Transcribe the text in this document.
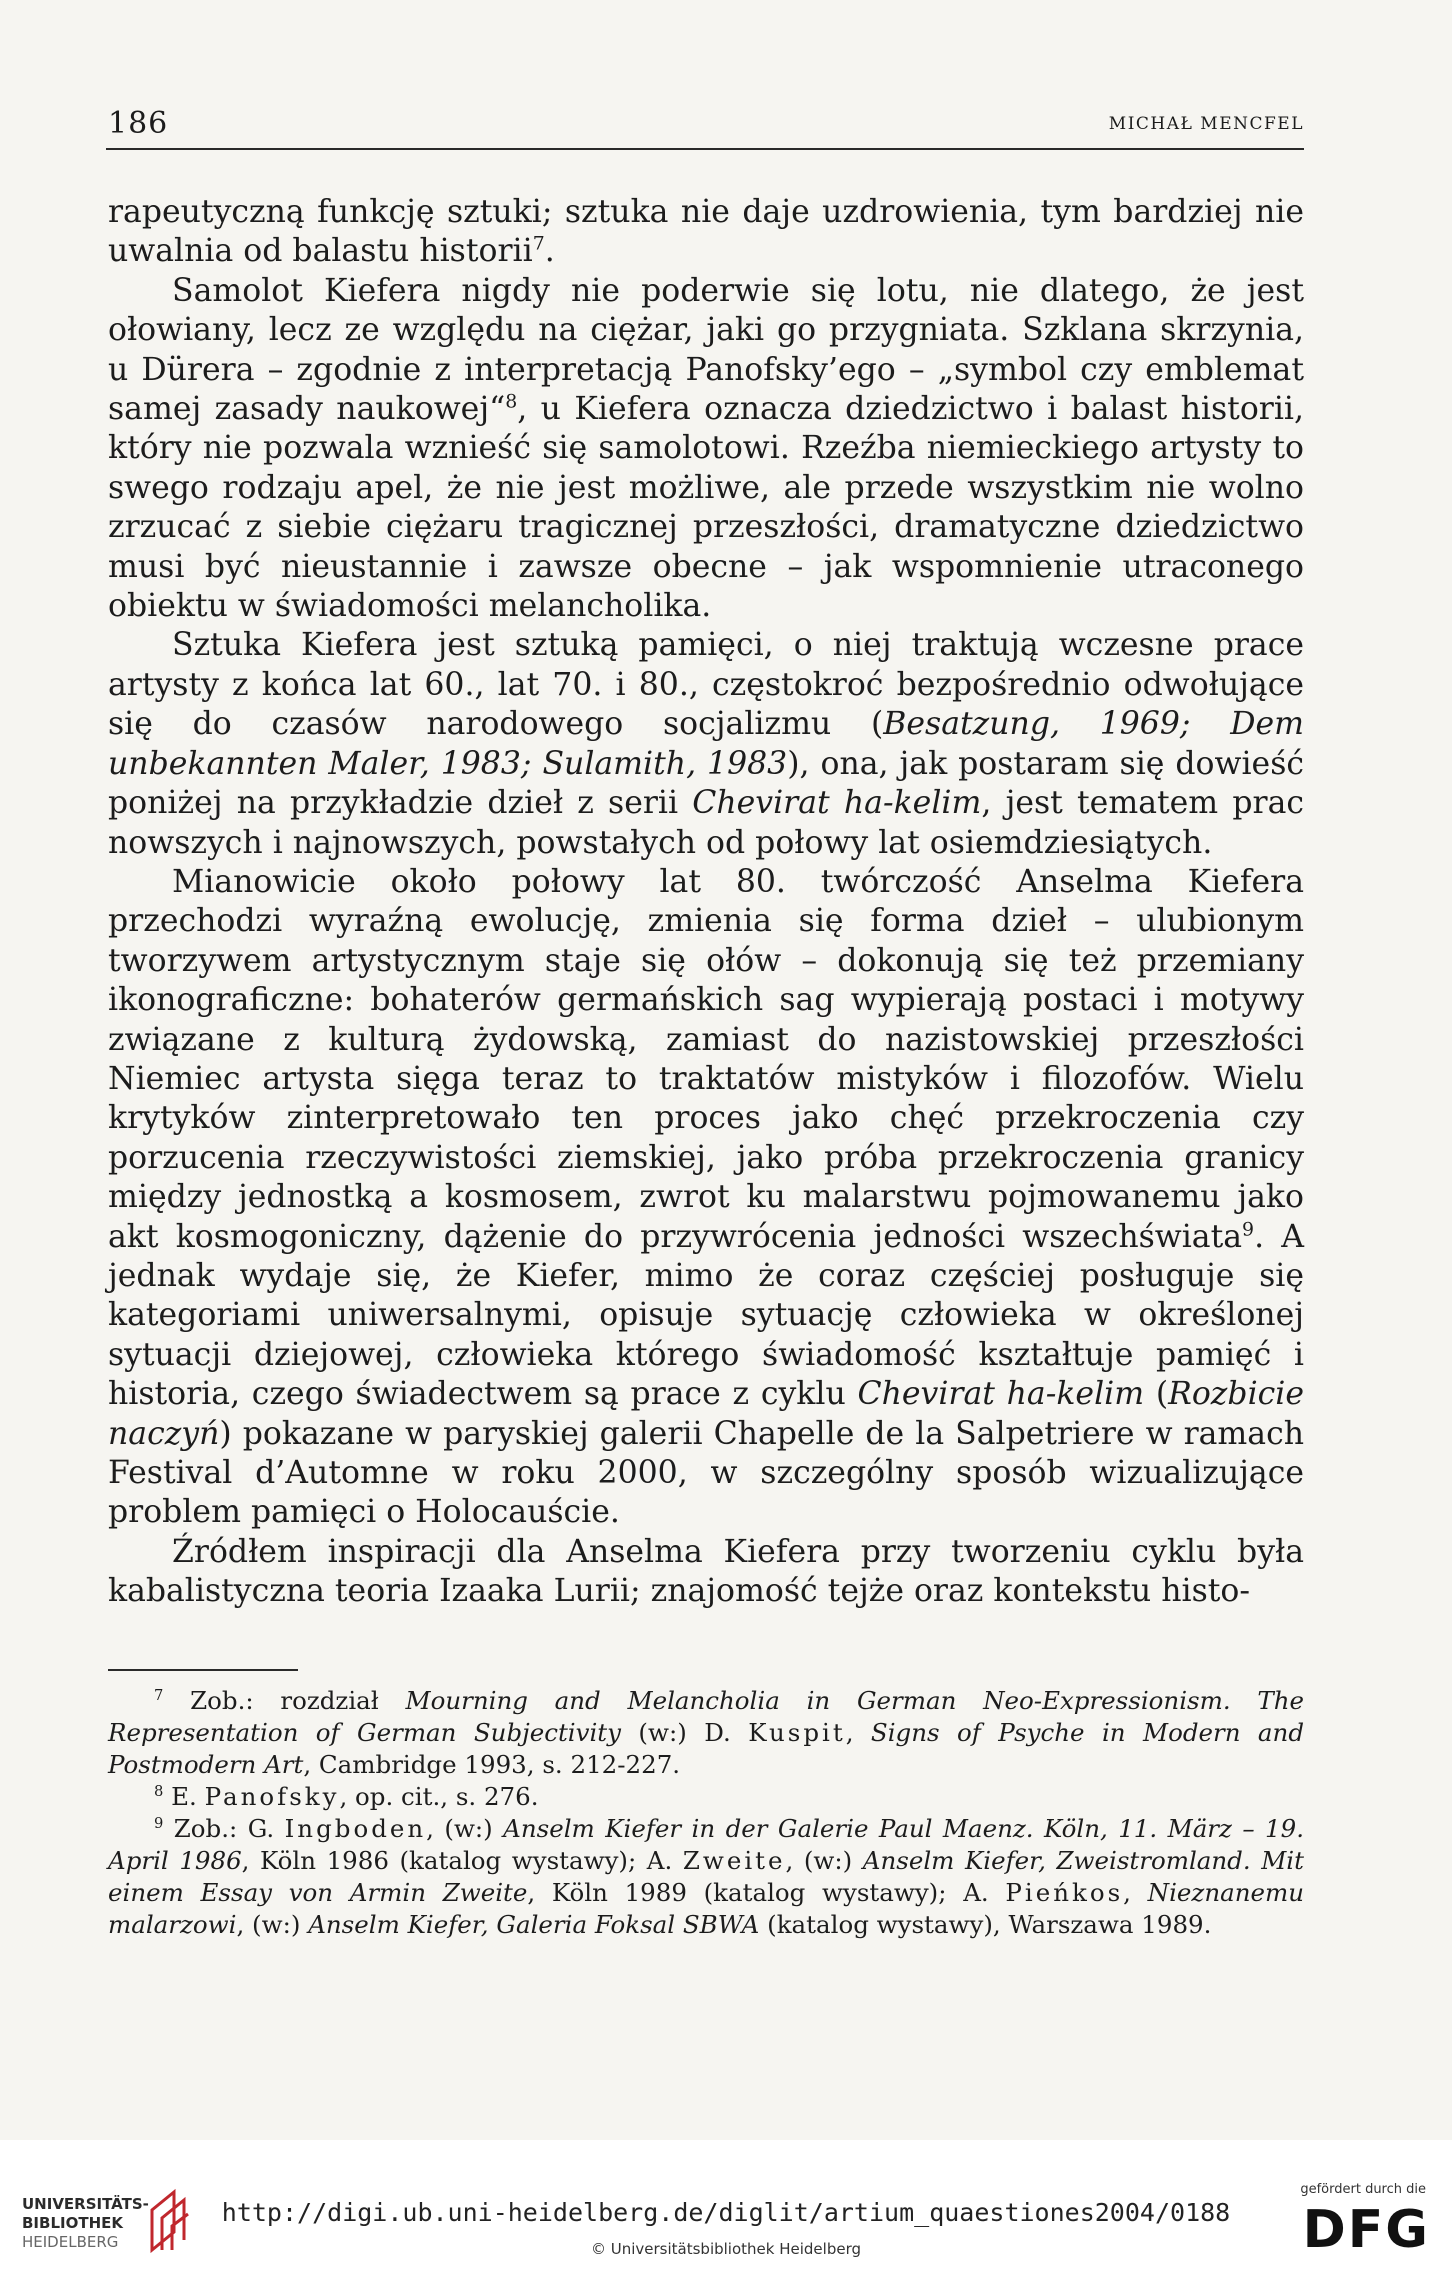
186	MICHAŁ MENCFEL

rapeutyczną funkcję sztuki; sztuka nie daje uzdrowienia, tym bardziej nie uwalnia od balastu historii$^7$.

Samolot Kiefera nigdy nie poderwie się lotu, nie dlatego, że jest ołowiany, lecz ze względu na ciężar, jaki go przygniata. Szklana skrzynia, u Dürera – zgodnie z interpretacją Panofsky’ego – „symbol czy emblemat samej zasady naukowej“$^8$, u Kiefera oznacza dziedzictwo i balast historii, który nie pozwala wznieść się samolotowi. Rzeźba niemieckiego artysty to swego rodzaju apel, że nie jest możliwe, ale przede wszystkim nie wolno zrzucać z siebie ciężaru tragicznej przeszłości, dramatyczne dziedzictwo musi być nieustannie i zawsze obecne – jak wspomnienie utraconego obiektu w świadomości melancholika.

Sztuka Kiefera jest sztuką pamięci, o niej traktują wczesne prace artysty z końca lat 60., lat 70. i 80., częstokroć bezpośrednio odwołujące się do czasów narodowego socjalizmu (Besatzung, 1969; Dem unbekannten Maler, 1983; Sulamith, 1983), ona, jak postaram się dowieść poniżej na przykładzie dzieł z serii Chevirat ha-kelim, jest tematem prac nowszych i najnowszych, powstałych od połowy lat osiemdziesiątych.

Mianowicie około połowy lat 80. twórczość Anselma Kiefera przechodzi wyraźną ewolucję, zmienia się forma dzieł – ulubionym tworzywem artystycznym staje się ołów – dokonują się też przemiany ikonograficzne: bohaterów germańskich sag wypierają postaci i motywy związane z kulturą żydowską, zamiast do nazistowskiej przeszłości Niemiec artysta sięga teraz to traktatów mistyków i filozofów. Wielu krytyków zinterpretowało ten proces jako chęć przekroczenia czy porzucenia rzeczywistości ziemskiej, jako próba przekroczenia granicy między jednostką a kosmosem, zwrot ku malarstwu pojmowanemu jako akt kosmogoniczny, dążenie do przywrócenia jedności wszechświata$^9$. A jednak wydaje się, że Kiefer, mimo że coraz częściej posługuje się kategoriami uniwersalnymi, opisuje sytuację człowieka w określonej sytuacji dziejowej, człowieka którego świadomość kształtuje pamięć i historia, czego świadectwem są prace z cyklu Chevirat ha-kelim (Rozbicie naczyń) pokazane w paryskiej galerii Chapelle de la Salpetriere w ramach Festival d’Automne w roku 2000, w szczególny sposób wizualizujące problem pamięci o Holocauście.

Źródłem inspiracji dla Anselma Kiefera przy tworzeniu cyklu była kabalistyczna teoria Izaaka Lurii; znajomość tejże oraz kontekstu histo-

$^7$ Zob.: rozdział Mourning and Melancholia in German Neo-Expressionism. The Representation of German Subjectivity (w:) D. Kuspit, Signs of Psyche in Modern and Postmodern Art, Cambridge 1993, s. 212-227.

$^8$ E. Panofsky, op. cit., s. 276.

$^9$ Zob.: G. Ingboden, (w:) Anselm Kiefer in der Galerie Paul Maenz. Köln, 11. März – 19. April 1986, Köln 1986 (katalog wystawy); A. Zweite, (w:) Anselm Kiefer, Zweistromland. Mit einem Essay von Armin Zweite, Köln 1989 (katalog wystawy); A. Pieńkos, Nieznanemu malarzowi, (w:) Anselm Kiefer, Galeria Foksal SBWA (katalog wystawy), Warszawa 1989.

UNIVERSITÄTS-
BIBLIOTHEK
HEIDELBERG
http://digi.ub.uni-heidelberg.de/diglit/artium_quaestiones2004/0188
© Universitätsbibliothek Heidelberg
gefördert durch die
DFG
